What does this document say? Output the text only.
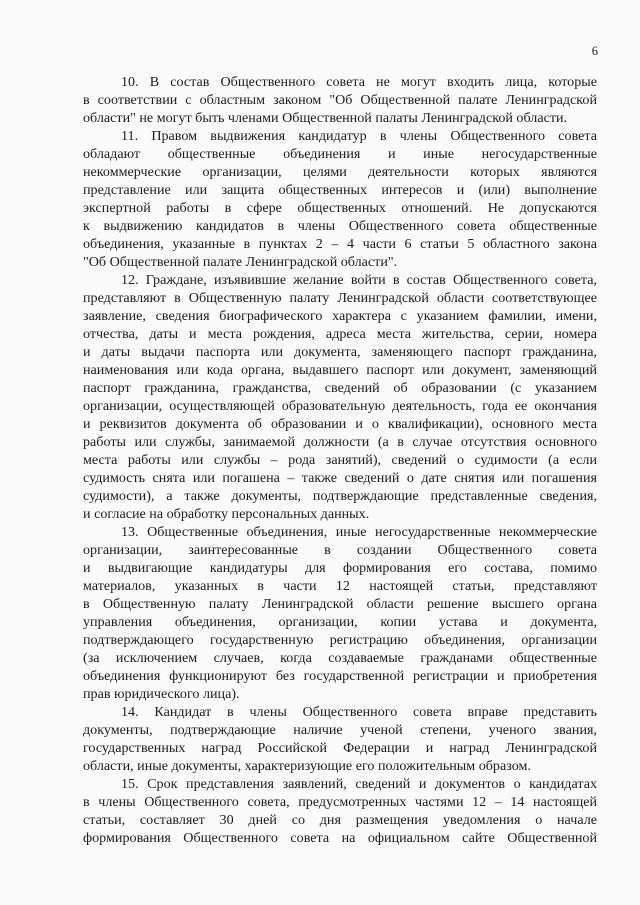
6
10. В состав Общественного совета не могут входить лица, которые
в соответствии с областным законом "Об Общественной палате Ленинградской
области" не могут быть членами Общественной палаты Ленинградской области.
11. Правом выдвижения кандидатур в члены Общественного совета
обладают общественные объединения и иные негосударственные
некоммерческие организации, целями деятельности которых являются
представление или защита общественных интересов и (или) выполнение
экспертной работы в сфере общественных отношений. Не допускаются
к выдвижению кандидатов в члены Общественного совета общественные
объединения, указанные в пунктах 2 – 4 части 6 статьи 5 областного закона
"Об Общественной палате Ленинградской области".
12. Граждане, изъявившие желание войти в состав Общественного совета,
представляют в Общественную палату Ленинградской области соответствующее
заявление, сведения биографического характера с указанием фамилии, имени,
отчества, даты и места рождения, адреса места жительства, серии, номера
и даты выдачи паспорта или документа, заменяющего паспорт гражданина,
наименования или кода органа, выдавшего паспорт или документ, заменяющий
паспорт гражданина, гражданства, сведений об образовании (с указанием
организации, осуществляющей образовательную деятельность, года ее окончания
и реквизитов документа об образовании и о квалификации), основного места
работы или службы, занимаемой должности (а в случае отсутствия основного
места работы или службы – рода занятий), сведений о судимости (а если
судимость снята или погашена – также сведений о дате снятия или погашения
судимости), а также документы, подтверждающие представленные сведения,
и согласие на обработку персональных данных.
13. Общественные объединения, иные негосударственные некоммерческие
организации, заинтересованные в создании Общественного совета
и выдвигающие кандидатуры для формирования его состава, помимо
материалов, указанных в части 12 настоящей статьи, представляют
в Общественную палату Ленинградской области решение высшего органа
управления объединения, организации, копии устава и документа,
подтверждающего государственную регистрацию объединения, организации
(за исключением случаев, когда создаваемые гражданами общественные
объединения функционируют без государственной регистрации и приобретения
прав юридического лица).
14. Кандидат в члены Общественного совета вправе представить
документы, подтверждающие наличие ученой степени, ученого звания,
государственных наград Российской Федерации и наград Ленинградской
области, иные документы, характеризующие его положительным образом.
15. Срок представления заявлений, сведений и документов о кандидатах
в члены Общественного совета, предусмотренных частями 12 – 14 настоящей
статьи, составляет 30 дней со дня размещения уведомления о начале
формирования Общественного совета на официальном сайте Общественной
